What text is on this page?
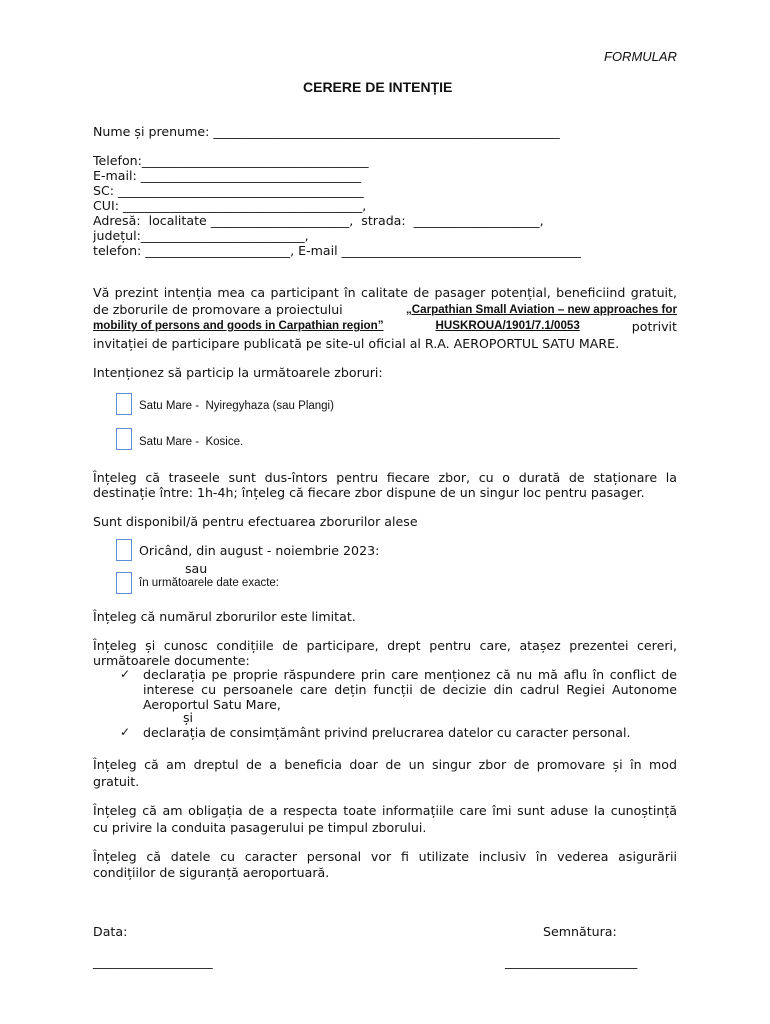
FORMULAR
CERERE DE INTENȚIE
Nume și prenume: _______________________________________________________
Telefon:____________________________________
E-mail: ___________________________________
SC: _______________________________________
CUI: ______________________________________,
Adresă:  localitate ______________________,  strada:  ____________________,
județul:__________________________,
telefon: _______________________, E-mail ______________________________________
Vă prezint intenția mea ca participant în calitate de pasager potențial, beneficiind gratuit,
de zborurile de promovare a proiectului	„Carpathian Small Aviation – new approaches for
mobility of persons and goods in Carpathian region”	HUSKROUA/1901/7.1/0053	potrivit
invitației de participare publicată pe site-ul oficial al R.A. AEROPORTUL SATU MARE.
Intenționez să particip la următoarele zboruri:
Satu Mare -  Nyiregyhaza (sau Plangi)
Satu Mare -  Kosice.
Înțeleg că traseele sunt dus-întors pentru fiecare zbor, cu o durată de staționare la
destinație între: 1h-4h; înțeleg că fiecare zbor dispune de un singur loc pentru pasager.
Sunt disponibil/ă pentru efectuarea zborurilor alese
Oricând, din august - noiembrie 2023:
sau
în următoarele date exacte:
Înțeleg că numărul zborurilor este limitat.
Înțeleg și cunosc condițiile de participare, drept pentru care, atașez prezentei cereri,
următoarele documente:
✓ declarația pe proprie răspundere prin care menționez că nu mă aflu în conflict de
interese cu persoanele care dețin funcții de decizie din cadrul Regiei Autonome
Aeroportul Satu Mare,
și
✓ declarația de consimțământ privind prelucrarea datelor cu caracter personal.
Înțeleg că am dreptul de a beneficia doar de un singur zbor de promovare și în mod
gratuit.
Înțeleg că am obligația de a respecta toate informațiile care îmi sunt aduse la cunoștință
cu privire la conduita pasagerului pe timpul zborului.
Înțeleg că datele cu caracter personal vor fi utilizate inclusiv în vederea asigurării
condițiilor de siguranță aeroportuară.
Data:	Semnătura:
___________________	_____________________
